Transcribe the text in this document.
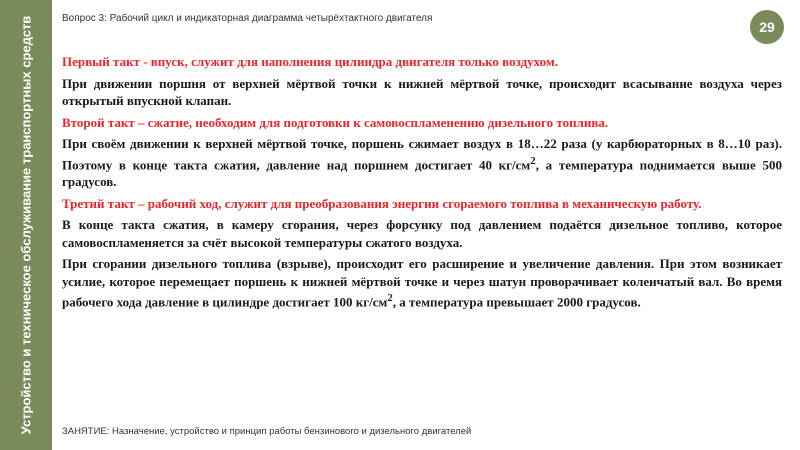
Устройство и техническое обслуживание транспортных средств	Вопрос 3: Рабочий цикл и индикаторная диаграмма четырёхтактного двигателя
29

Первый такт - впуск, служит для наполнения цилиндра двигателя только воздухом.

При движении поршня от верхней мёртвой точки к нижней мёртвой точке, происходит всасывание воздуха через открытый впускной клапан.

Второй такт – сжатие, необходим для подготовки к самовоспламенению дизельного топлива.

При своём движении к верхней мёртвой точке, поршень сжимает воздух в 18…22 раза (у карбюраторных в 8…10 раз). Поэтому в конце такта сжатия, давление над поршнем достигает 40 $кг/см^2$, а температура поднимается выше 500 градусов.

Третий такт – рабочий ход, служит для преобразования энергии сгораемого топлива в механическую работу.

В конце такта сжатия, в камеру сгорания, через форсунку под давлением подаётся дизельное топливо, которое самовоспламеняется за счёт высокой температуры сжатого воздуха.

При сгорании дизельного топлива (взрыве), происходит его расширение и увеличение давления. При этом возникает усилие, которое перемещает поршень к нижней мёртвой точке и через шатун проворачивает коленчатый вал. Во время рабочего хода давление в цилиндре достигает 100 $кг/см^2$, а температура превышает 2000 градусов.

ЗАНЯТИЕ: Назначение, устройство и принцип работы бензинового и дизельного двигателей
